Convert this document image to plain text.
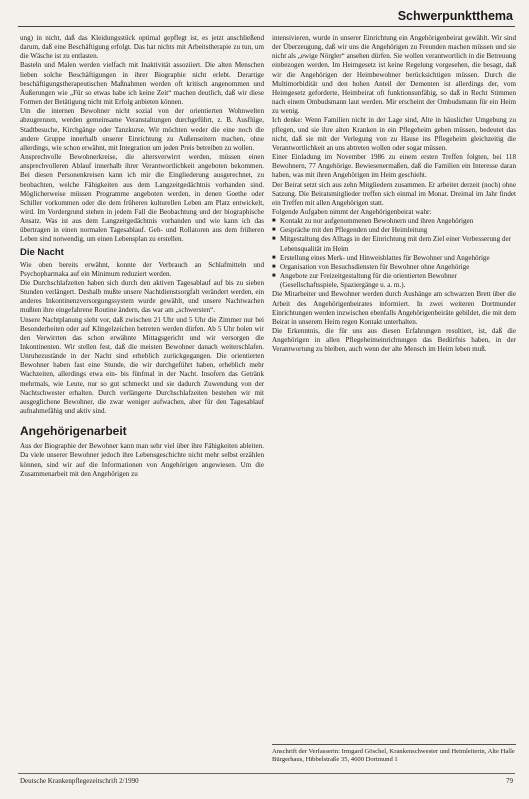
Schwerpunktthema

ung) in nicht, daß das Kleidungsstück optimal gepflegt ist, es jetzt anschließend darum, daß eine Beschäftigung erfolgt. Das hat nichts mit Arbeitstherapie zu tun, um die Wäsche ist zu entlasten.

Basteln und Malen werden vielfach mit Inaktivität assoziiert. Die alten Menschen lieben solche Beschäftigungen in ihrer Biographie nicht erlebt. Derartige beschäftigungstherapeutischen Maßnahmen werden oft kritisch angenommen und Äußerungen wie „Für so etwas habe ich keine Zeit“ machen deutlich, daß wir diese Formen der Betätigung nicht mit Erfolg anbieten können.

Um die internen Bewohner nicht sozial von der orientierten Wohnwelten abzugrenzen, werden gemeinsame Veranstaltungen durchgeführt, z. B. Ausflüge, Stadtbesuche, Kirchgänge oder Tanzkurse. Wir möchten weder die eine noch die andere Gruppe innerhalb unserer Einrichtung zu Außenseitern machen, ohne allerdings, wie schon erwähnt, mit Integration um jeden Preis betreiben zu wollen.

Ansprechvolle Bewohnerkreise, die altersverwirrt werden, müssen einen ansprechvolleren Ablauf innerhalb ihrer Verantwortlichkeit angeboten bekommen. Bei diesen Personenkreisen kann ich mir die Eingliederung ausgerechnet, zu beobachten, welche Fähigkeiten aus dem Langzeitgedächtnis vorhanden sind. Möglicherweise müssen Programme angeboten werden, in denen Goethe oder Schiller vorkommen oder die dem früheren kulturellen Leben am Platz entwickelt, wird. Im Vordergrund stehen in jedem Fall die Beobachtung und der biographische Ansatz. Was ist aus dem Langzeitgedächtnis vorhanden und wie kann ich das übertragen in einen normalen Tagesablauf. Geh- und Rollatoren aus dem früheren Leben sind notwendig, um einen Lebensplan zu erstellen.

Die Nacht

Wie oben bereits erwähnt, konnte der Verbrauch an Schlafmitteln und Psychopharmaka auf ein Minimum reduziert werden.

Die Durchschlafzeiten haben sich durch den aktiven Tagesablauf auf bis zu sieben Stunden verlängert. Deshalb mußte unsere Nachtdienstsorgfalt verändert werden, ein anderes Inkontinenzversorgungssystem wurde gewählt, und unsere Nachtwachen mußten ihre eingefahrene Routine ändern, das war am „schwersten“.

Unsere Nachtplanung sieht vor, daß zwischen 21 Uhr und 5 Uhr die Zimmer nur bei Besonderheiten oder auf Klingelzeichen betreten werden dürfen. Ab 5 Uhr holen wir den Verwirrten das schon erwähnte Mittagsgericht und wir versorgen die Inkontinenten. Wir stellen fest, daß die meisten Bewohner danach weiterschlafen. Unruhezustände in der Nacht sind erheblich zurückgegangen. Die orientierten Bewohner haben fast eine Stunde, die wir durchgeführt haben, erheblich mehr Wachzeiten, allerdings etwa ein- bis fünfmal in der Nacht. Insofern das Getränk mehrmals, wie Leute, nur so gut schmeckt und sie dadurch Zuwendung von der Nachtschwester erhalten. Durch verlängerte Durchschlafzeiten bestehen wir mit ausgeglichene Bewohner, die zwar weniger aufwachen, aber für den Tagesablauf aufnahmefähig und aktiv sind.

Angehörigenarbeit

Aus der Biographie der Bewohner kann man sehr viel über ihre Fähigkeiten ableiten. Da viele unserer Bewohner jedoch ihre Lebensgeschichte nicht mehr selbst erzählen können, sind wir auf die Informationen von Angehörigen angewiesen. Um die Zusammenarbeit mit den Angehörigen zu

intensivieren, wurde in unserer Einrichtung ein Angehörigenbeirat gewählt. Wir sind der Überzeugung, daß wir uns die Angehörigen zu Freunden machen müssen und sie nicht als „ewige Nörgler“ ansehen dürfen. Sie wollen verantwortlich in die Betreuung einbezogen werden. Im Heimgesetz ist keine Regelung vorgesehen, die besagt, daß wir die Angehörigen der Heimbewohner berücksichtigen müssen. Durch die Multimorbidität und den hohen Anteil der Dementen ist allerdings der, vom Heimgesetz geforderte, Heimbeirat oft funktionsunfähig, so daß in Recht Stimmen nach einem Ombudsmann laut werden. Mir erscheint der Ombudsmann für ein Heim zu wenig.

Ich denke: Wenn Familien nicht in der Lage sind, Alte in häuslicher Umgebung zu pflegen, und sie ihre alten Kranken in ein Pflegeheim geben müssen, bedeutet das nicht, daß sie mit der Verlegung von zu Hause ins Pflegeheim gleichzeitig die Verantwortlichkeit an uns abtreten wollen oder sogar müssen.

Einer Einladung im November 1986 zu einem ersten Treffen folgten, bei 118 Bewohnern, 77 Angehörige. Bewiesenermaßen, daß die Familien ein Interesse daran haben, was mit ihren Angehörigen im Heim geschieht.

Der Beirat setzt sich aus zehn Mitgliedern zusammen. Er arbeitet derzeit (noch) ohne Satzung. Die Beiratsmitglieder treffen sich einmal im Monat. Dreimal im Jahr findet ein Treffen mit allen Angehörigen statt.

Folgende Aufgaben nimmt der Angehörigenbeirat wahr:

■ Kontakt zu nur aufgenommenen Bewohnern und ihren Angehörigen
■ Gespräche mit den Pflegenden und der Heimleitung
■ Mitgestaltung des Alltags in der Einrichtung mit dem Ziel einer Verbesserung der Lebensqualität im Heim
■ Erstellung eines Merk- und Hinweisblattes für Bewohner und Angehörige
■ Organisation von Besuchsdiensten für Bewohner ohne Angehörige
■ Angebote zur Freizeitgestaltung für die orientierten Bewohner (Gesellschaftsspiele, Spaziergänge u. a. m.).

Die Mitarbeiter und Bewohner werden durch Aushänge am schwarzen Brett über die Arbeit des Angehörigenbeirates informiert. In zwei weiteren Dortmunder Einrichtungen werden inzwischen ebenfalls Angehörigenbeiräte gebildet, die mit dem Beirat in unserem Heim regen Kontakt unterhalten.

Die Erkenntnis, die für uns aus diesen Erfahrungen resultiert, ist, daß die Angehörigen in allen Pflegeheimeinrichtungen das Bedürfnis haben, in der Verantwortung zu bleiben, auch wenn der alte Mensch im Heim leben muß.

Anschrift der Verfasserin: Irmgard Göschel, Krankenschwester und Heimleiterin, Alte Halle Bürgerhaus, Hibbelstraße 35, 4600 Dortmund 1
Deutsche Krankenpflegezeitschrift 2/1990	79
